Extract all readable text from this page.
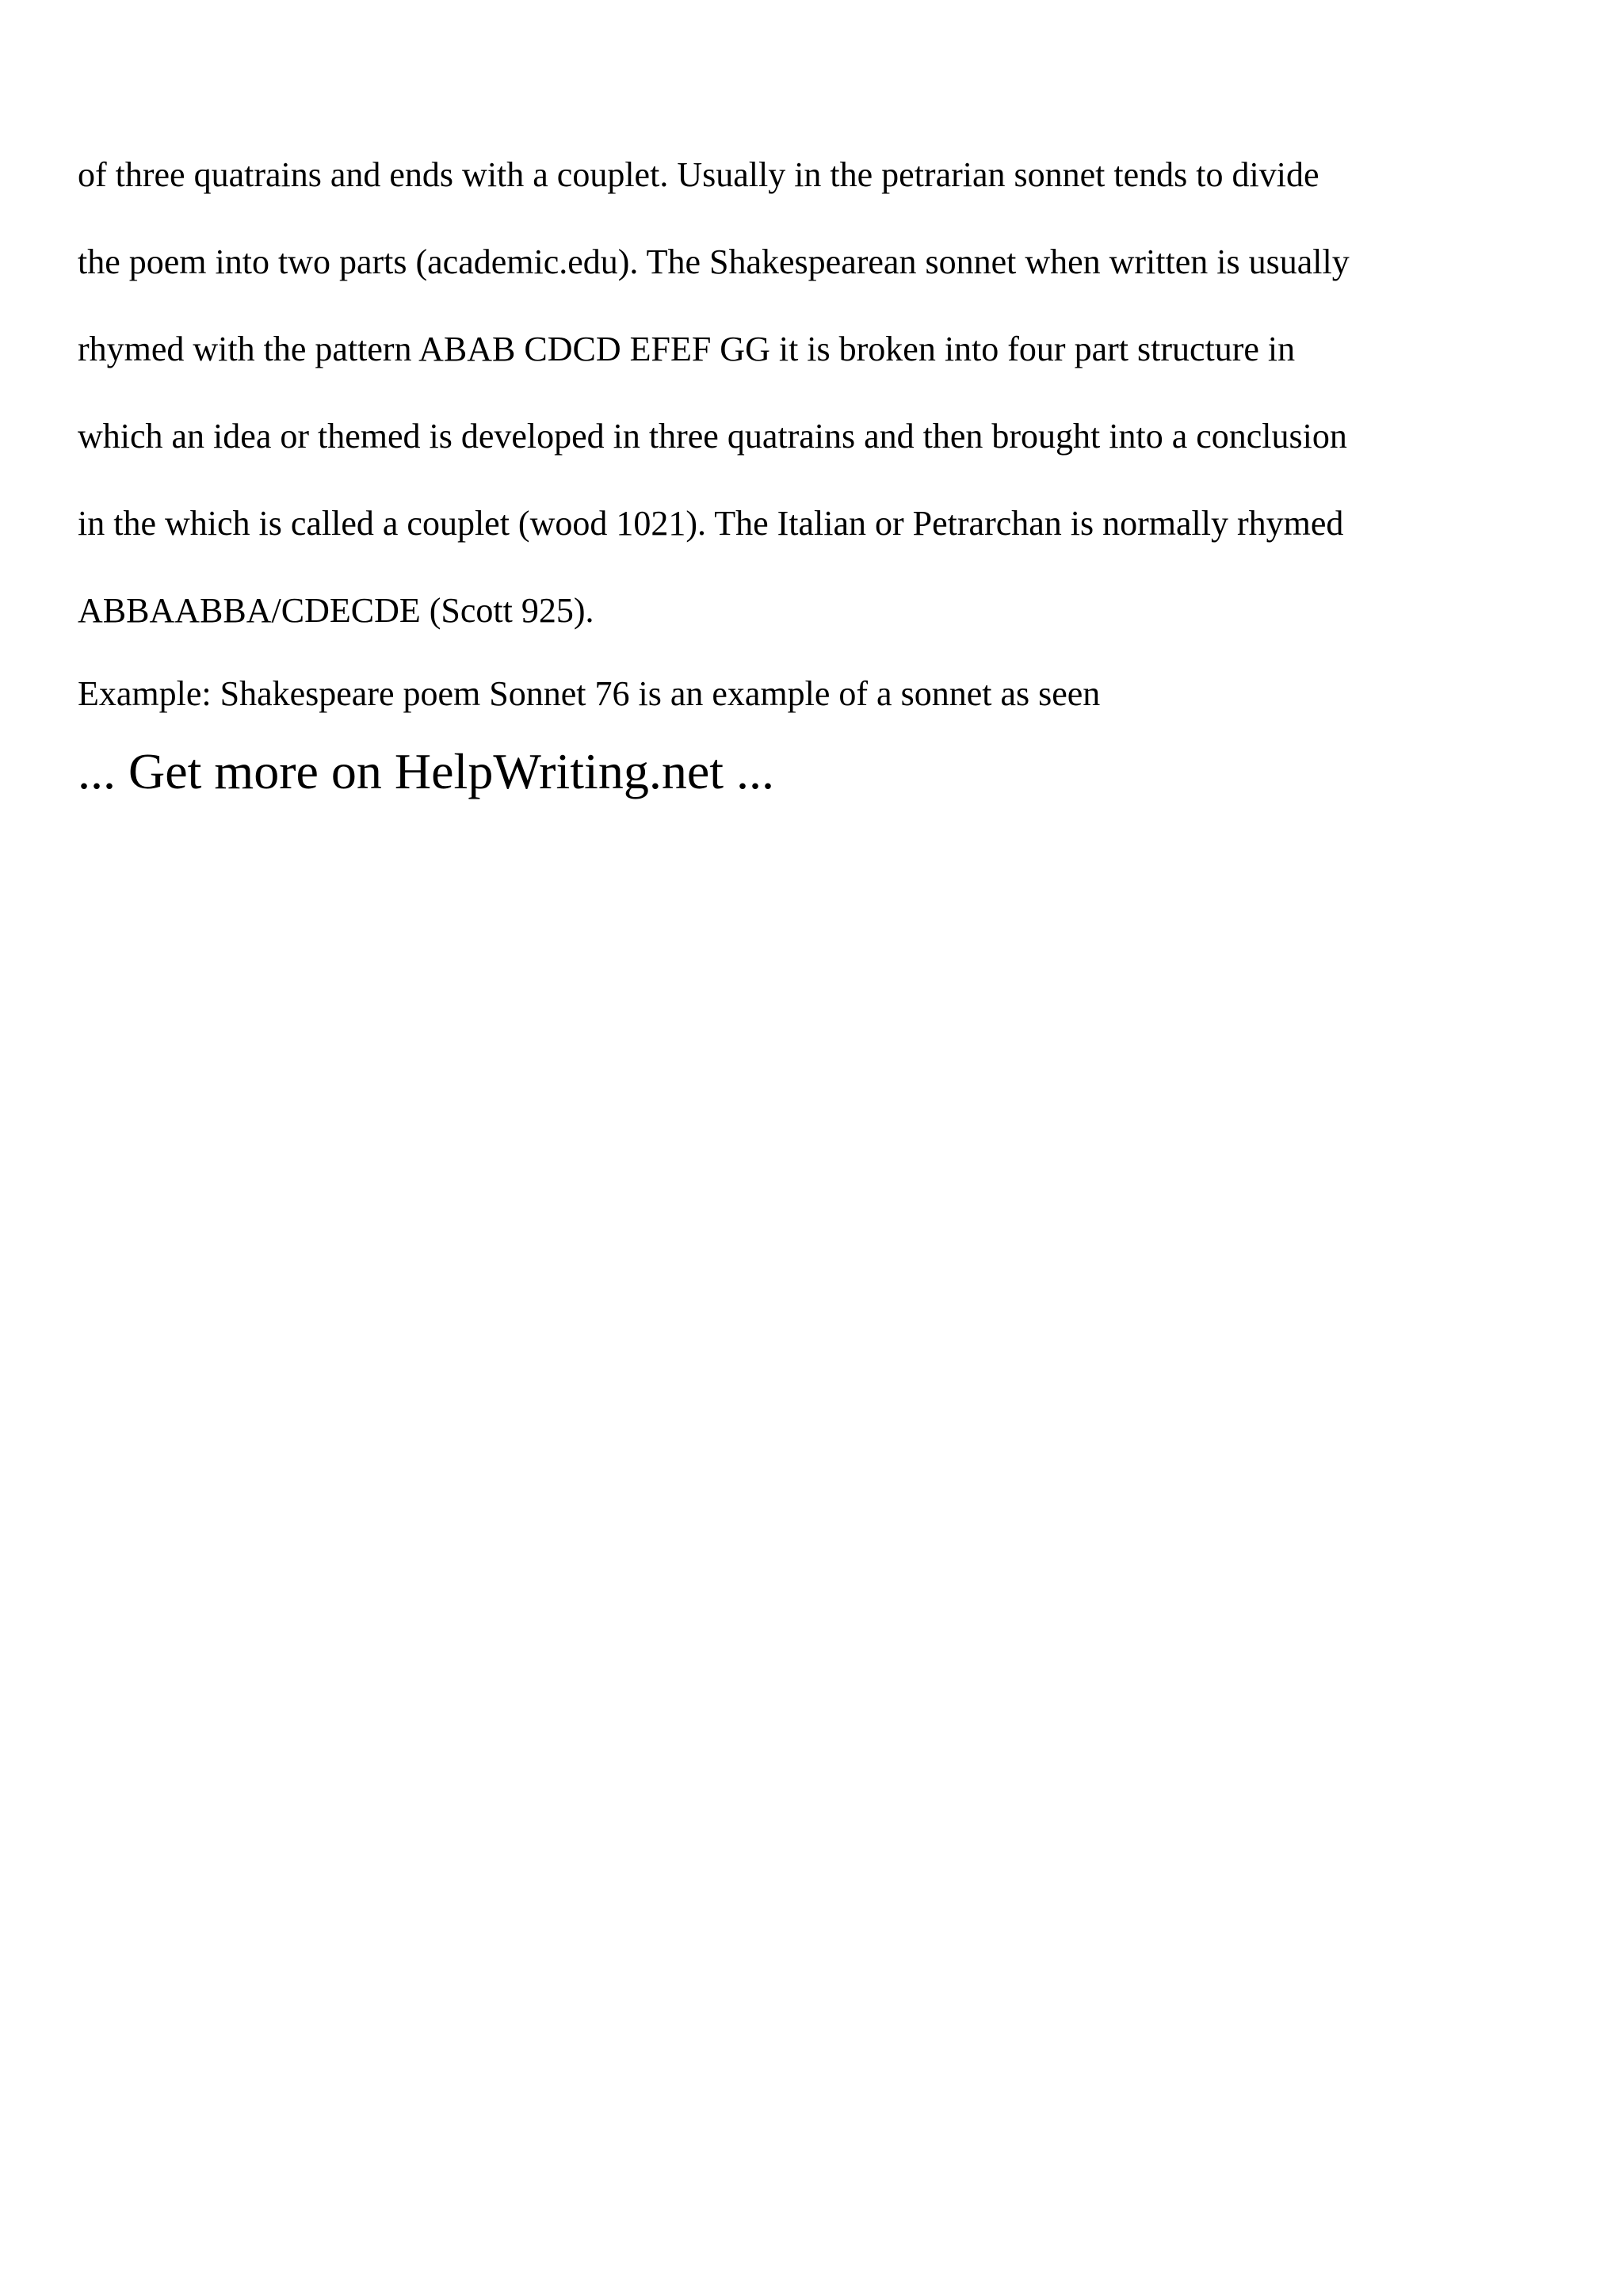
of three quatrains and ends with a couplet. Usually in the petrarian sonnet tends to divide

the poem into two parts (academic.edu). The Shakespearean sonnet when written is usually

rhymed with the pattern ABAB CDCD EFEF GG it is broken into four part structure in

which an idea or themed is developed in three quatrains and then brought into a conclusion

in the which is called a couplet (wood 1021). The Italian or Petrarchan is normally rhymed

ABBAABBA/CDECDE (Scott 925).

Example: Shakespeare poem Sonnet 76 is an example of a sonnet as seen

... Get more on HelpWriting.net ...
